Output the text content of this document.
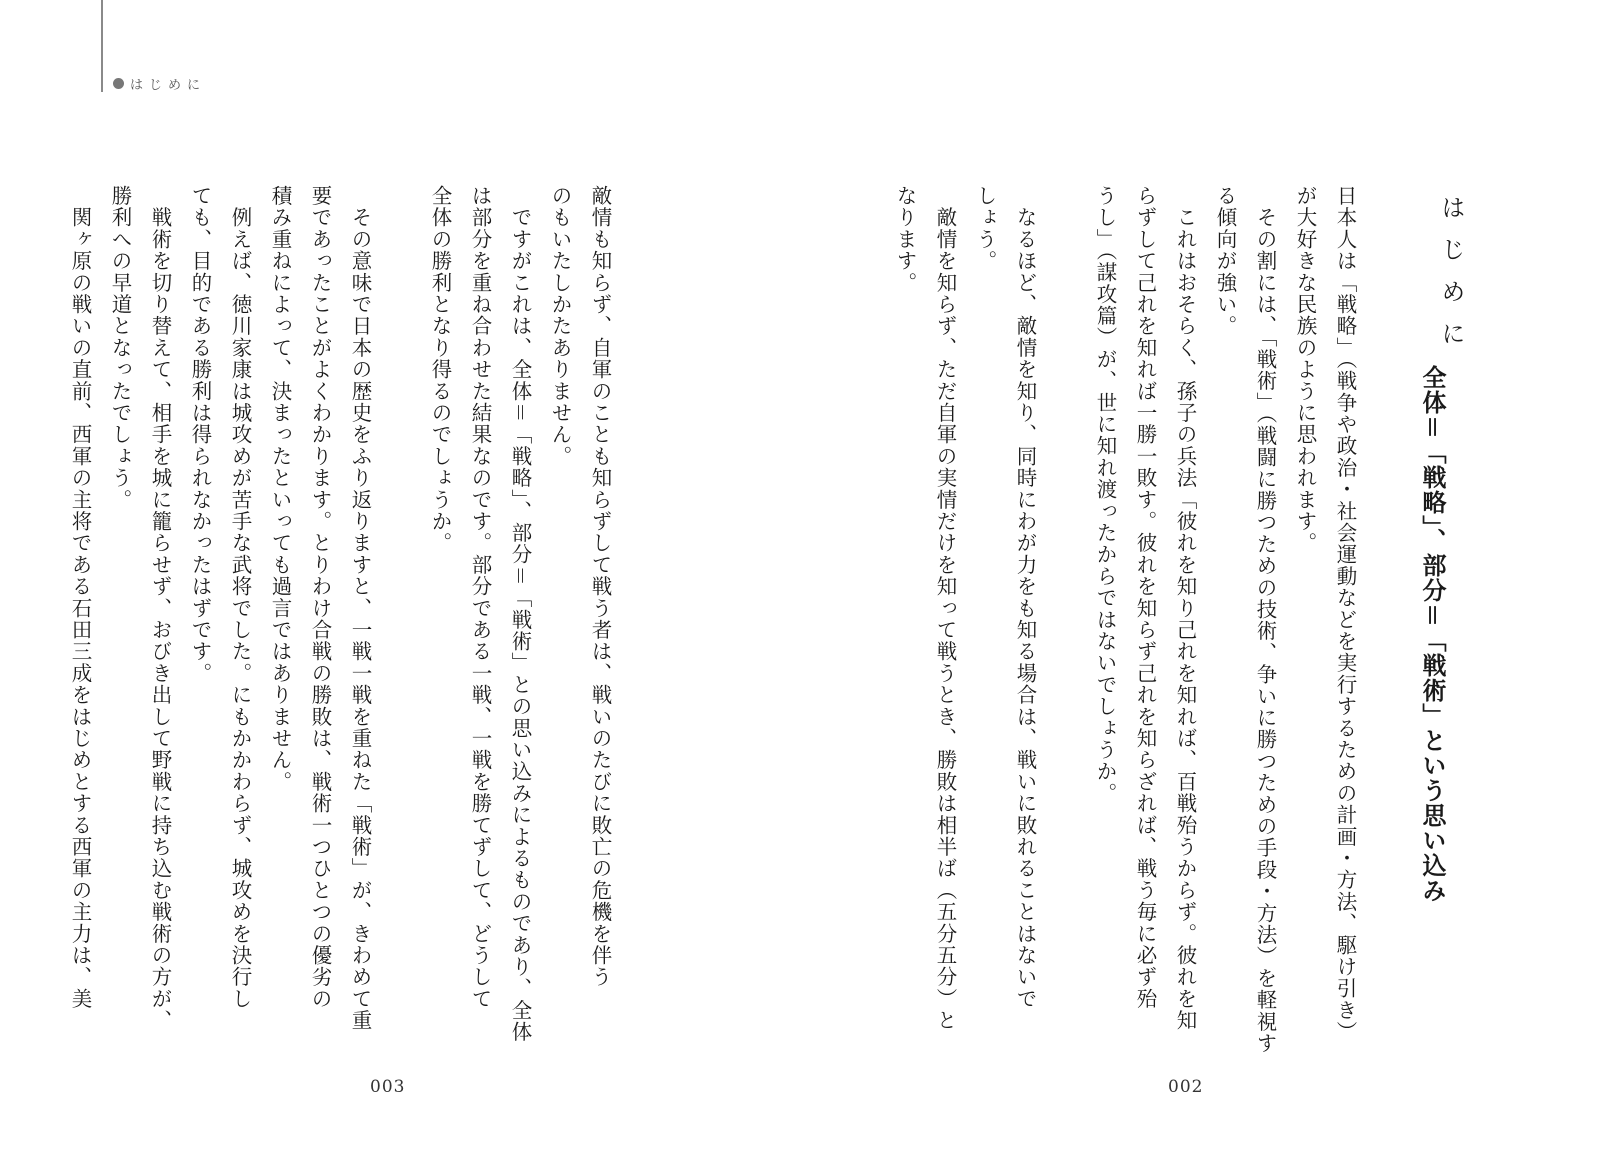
はじめに
敵情も知らず、自軍のことも知らずして戦う者は、戦いのたびに敗亡の危機を伴う
のもいたしかたありません。
　ですがこれは、全体＝「戦略」、部分＝「戦術」との思い込みによるものであり、全体
は部分を重ね合わせた結果なのです。部分である一戦、一戦を勝てずして、どうして
全体の勝利となり得るのでしょうか。

　その意味で日本の歴史をふり返りますと、一戦一戦を重ねた「戦術」が、きわめて重
要であったことがよくわかります。とりわけ合戦の勝敗は、戦術一つひとつの優劣の
積み重ねによって、決まったといっても過言ではありません。
　例えば、徳川家康は城攻めが苦手な武将でした。にもかかわらず、城攻めを決行し
ても、目的である勝利は得られなかったはずです。
　戦術を切り替えて、相手を城に籠らせず、おびき出して野戦に持ち込む戦術の方が、
勝利への早道となったでしょう。
　関ヶ原の戦いの直前、西軍の主将である石田三成をはじめとする西軍の主力は、美
003
はじめに
全体＝「戦略」、部分＝「戦術」という思い込み
日本人は「戦略」（戦争や政治・社会運動などを実行するための計画・方法、駆け引き）
が大好きな民族のように思われます。
　その割には、「戦術」（戦闘に勝つための技術、争いに勝つための手段・方法）を軽視す
る傾向が強い。
　これはおそらく、孫子の兵法「彼れを知り己れを知れば、百戦殆うからず。彼れを知
らずして己れを知れば一勝一敗す。彼れを知らず己れを知らざれば、戦う毎に必ず殆
うし」（謀攻篇）が、世に知れ渡ったからではないでしょうか。

　なるほど、敵情を知り、同時にわが力をも知る場合は、戦いに敗れることはないで
しょう。
　敵情を知らず、ただ自軍の実情だけを知って戦うとき、勝敗は相半ば（五分五分）と
なります。
002
